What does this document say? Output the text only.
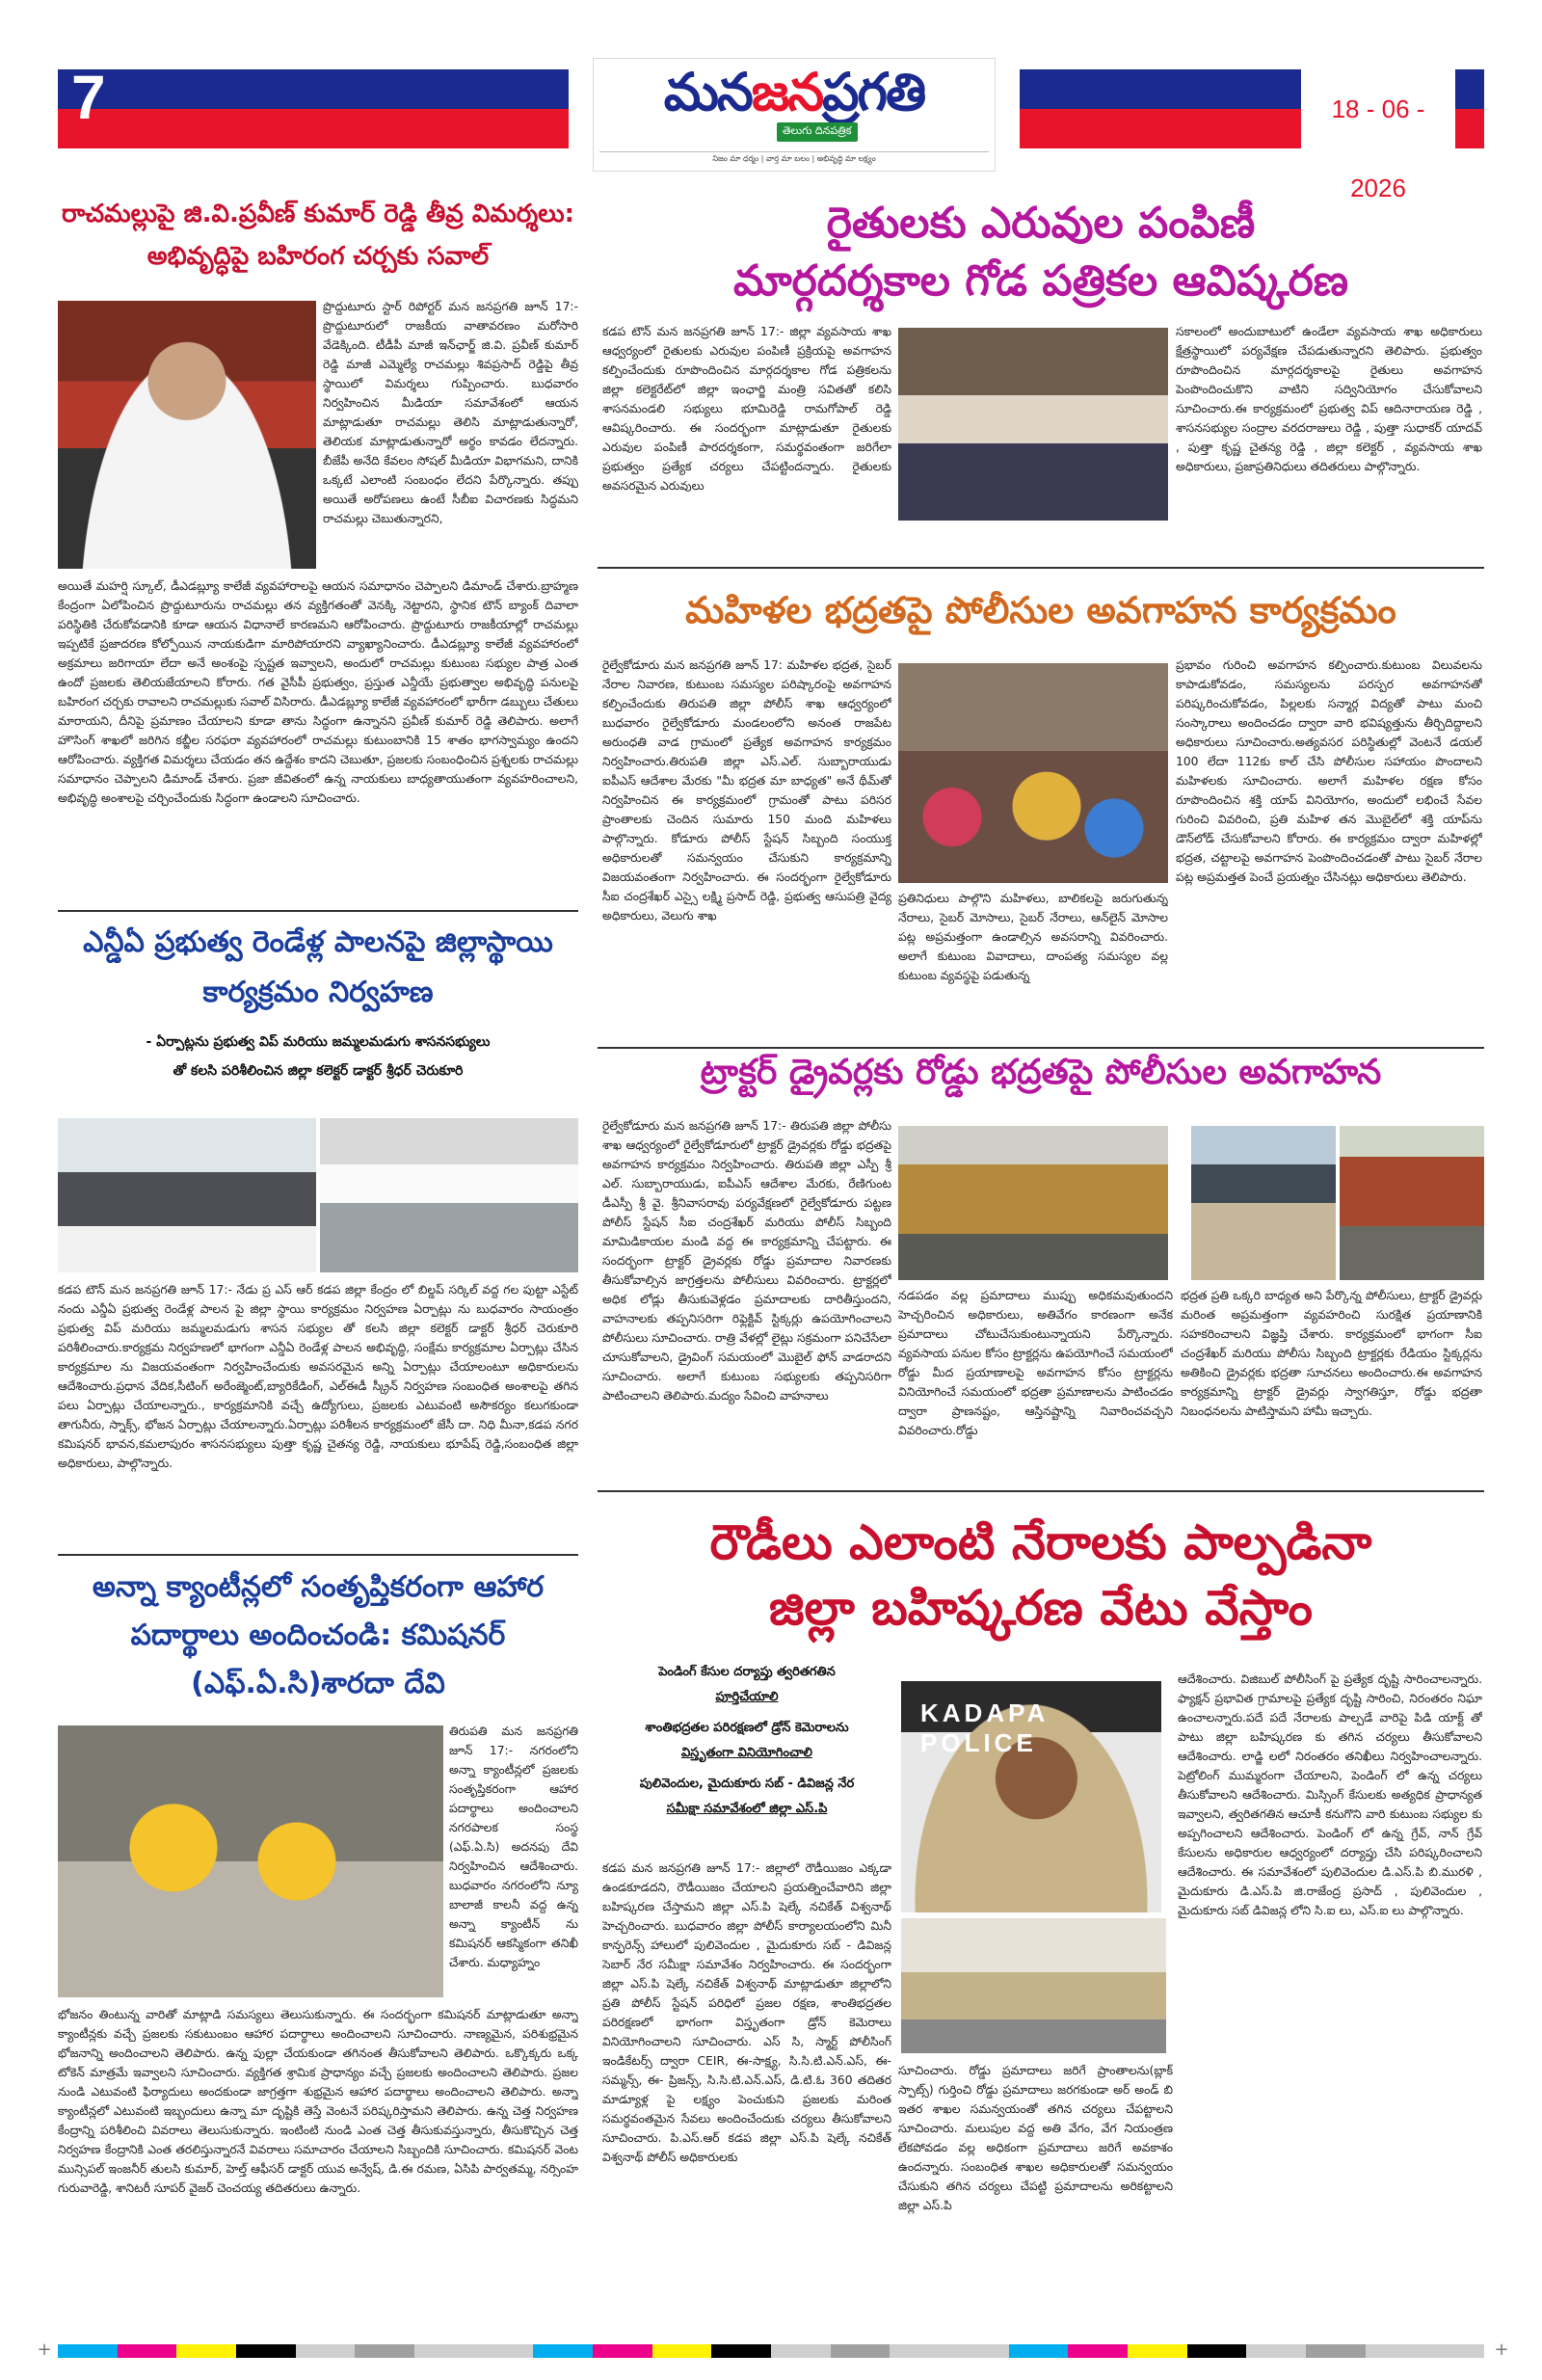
7	మనజనప్రగతి
తెలుగు దినపత్రిక
నిజం మా ధర్మం | వార్త మా బలం | అభివృద్ధి మా లక్ష్యం
18 - 06 - 2026
రాచమల్లుపై జి.వి.ప్రవీణ్ కుమార్ రెడ్డి తీవ్ర విమర్శలు: అభివృద్ధిపై బహిరంగ చర్చకు సవాల్
ప్రొద్దుటూరు స్టార్ రిపోర్టర్ మన జనప్రగతి జూన్ 17:-ప్రొద్దుటూరులో రాజకీయ వాతావరణం మరోసారి వేడెక్కింది. టీడీపీ మాజీ ఇన్‌ఛార్జ్ జి.వి. ప్రవీణ్ కుమార్ రెడ్డి మాజీ ఎమ్మెల్యే రాచమల్లు శివప్రసాద్ రెడ్డిపై తీవ్ర స్థాయిలో విమర్శలు గుప్పించారు. బుధవారం నిర్వహించిన మీడియా సమావేశంలో ఆయన మాట్లాడుతూ రాచమల్లు తెలిసి మాట్లాడుతున్నారో, తెలియక మాట్లాడుతున్నారో అర్థం కావడం లేదన్నారు. బీజేపీ అనేది కేవలం సోషల్ మీడియా విభాగమని, దానికి ఒక్కటే ఎలాంటి సంబంధం లేదని పేర్కొన్నారు. తప్పు అయితే అరోపణలు ఉంటే సీబీఐ విచారణకు సిద్ధమని రాచమల్లు చెబుతున్నారని,
అయితే మహర్షి స్కూల్, డీఎడబ్ల్యూ కాలేజీ వ్యవహారాలపై ఆయన సమాధానం చెప్పాలని డిమాండ్ చేశారు.బ్రాహ్మణ కేంద్రంగా ఏలోపించిన ప్రొద్దుటూరును రాచమల్లు తన వ్యక్తిగతంతో వెనక్కి నెట్టారని, స్థానిక టౌన్ బ్యాంక్ దివాలా పరిస్థితికి చేరుకోవడానికి కూడా ఆయన విధానాలే కారణమని ఆరోపించారు. ప్రొద్దుటూరు రాజకీయాల్లో రాచమల్లు ఇప్పటికే ప్రజాదరణ కోల్పోయిన నాయకుడిగా మారిపోయారని వ్యాఖ్యానించారు. డీఎడబ్ల్యూ కాలేజీ వ్యవహారంలో అక్రమాలు జరిగాయా లేదా అనే అంశంపై స్పష్టత ఇవ్వాలని, అందులో రాచమల్లు కుటుంబ సభ్యుల పాత్ర ఎంత ఉందో ప్రజలకు తెలియజేయాలని కోరారు. గత వైసీపీ ప్రభుత్వం, ప్రస్తుత ఎన్డీయే ప్రభుత్వాల అభివృద్ధి పనులపై బహిరంగ చర్చకు రావాలని రాచమల్లుకు సవాల్ విసిరారు. డీఎడబ్ల్యూ కాలేజీ వ్యవహారంలో భారీగా డబ్బులు చేతులు మారాయని, దీనిపై ప్రమాణం చేయాలని కూడా తాను సిద్ధంగా ఉన్నానని ప్రవీణ్ కుమార్ రెడ్డి తెలిపారు. అలాగే హౌసింగ్ శాఖలో జరిగిన కబ్జీల సరఫరా వ్యవహారంలో రాచమల్లు కుటుంబానికి 15 శాతం భాగస్వామ్యం ఉందని ఆరోపించారు. వ్యక్తిగత విమర్శలు చేయడం తన ఉద్దేశం కాదని చెబుతూ, ప్రజలకు సంబంధించిన ప్రశ్నలకు రాచమల్లు సమాధానం చెప్పాలని డిమాండ్ చేశారు. ప్రజా జీవితంలో ఉన్న నాయకులు బాధ్యతాయుతంగా వ్యవహరించాలని, అభివృద్ధి అంశాలపై చర్చించేందుకు సిద్ధంగా ఉండాలని సూచించారు.
ఎన్డీఏ ప్రభుత్వ రెండేళ్ల పాలనపై జిల్లాస్థాయి కార్యక్రమం నిర్వహణ
- ఏర్పాట్లను ప్రభుత్వ విప్ మరియు జమ్మలమడుగు శాసనసభ్యులు
తో కలసి పరిశీలించిన జిల్లా కలెక్టర్ డాక్టర్ శ్రీధర్ చెరుకూరి
కడప టౌన్ మన జనప్రగతి జూన్ 17:- నేడు ప్ర ఎస్ ఆర్ కడప జిల్లా కేంద్రం లో బిల్డప్ సర్కిల్ వద్ద గల పుట్టా ఎస్టేట్ నందు ఎన్డీఏ ప్రభుత్వ రెండేళ్ల పాలన పై జిల్లా స్థాయి కార్యక్రమం నిర్వహణ ఏర్పాట్లు ను బుధవారం సాయంత్రం ప్రభుత్వ విప్ మరియు జమ్మలమడుగు శాసన సభ్యుల తో కలసి జిల్లా కలెక్టర్ డాక్టర్ శ్రీధర్ చెరుకూరి పరిశీలించారు.కార్యక్రమ నిర్వహణలో భాగంగా ఎన్డీఏ రెండేళ్ల పాలన అభివృద్ధి, సంక్షేమ కార్యక్రమాల ఏర్పాట్లు చేసిన కార్యక్రమాల ను విజయవంతంగా నిర్వహించేందుకు అవసరమైన అన్ని ఏర్పాట్లు చేయాలంటూ అధికారులను ఆదేశించారు.ప్రధాన వేదిక,సీటింగ్ అరేంజ్మెంట్,బ్యారికేడింగ్, ఎల్‌ఈడీ స్క్రీన్ నిర్వహణ సంబంధిత అంశాలపై తగిన పలు ఏర్పాట్లు చేయాలన్నారు., కార్యక్రమానికి వచ్చే ఉద్యోగులు, ప్రజలకు ఎటువంటి అసౌకర్యం కలుగకుండా తాగునీరు, స్నాక్స్, భోజన ఏర్పాట్లు చేయాలన్నారు.ఏర్పాట్లు పరిశీలన కార్యక్రమంలో జేసీ దా. నిధి మీనా,కడప నగర కమిషనర్ భావన,కమలాపురం శాసనసభ్యులు పుత్తా కృష్ణ చైతన్య రెడ్డి, నాయకులు భూపేష్ రెడ్డి,సంబంధిత జిల్లా అధికారులు, పాల్గొన్నారు.
అన్నా క్యాంటీన్లలో సంతృప్తికరంగా ఆహార పదార్థాలు అందించండి: కమిషనర్ (ఎఫ్.ఏ.సి)శారదా దేవి
తిరుపతి మన జనప్రగతి జూన్ 17:- నగరంలోని అన్నా క్యాంటీన్లలో ప్రజలకు సంతృప్తికరంగా ఆహార పదార్థాలు అందించాలని నగరపాలక సంస్థ (ఎఫ్.ఏ.సి) అదనపు దేవి నిర్వహించిన ఆదేశించారు. బుధవారం నగరంలోని న్యూ బాలాజీ కాలనీ వద్ద ఉన్న అన్నా క్యాంటీన్ ను కమిషనర్ ఆకస్మికంగా తనిఖీ చేశారు. మధ్యాహ్నం
భోజనం తింటున్న వారితో మాట్లాడి సమస్యలు తెలుసుకున్నారు. ఈ సందర్భంగా కమిషనర్ మాట్లాడుతూ అన్నా క్యాంటీన్లకు వచ్చే ప్రజలకు సకుటుంబం ఆహార పదార్థాలు అందించాలని సూచించారు. నాణ్యమైన, పరిశుభ్రమైన భోజనాన్ని అందించాలని తెలిపారు. ఉన్న పుల్లా చేయకుండా తగినంత తీసుకోవాలని తెలిపారు. ఒక్కొక్కరు ఒక్క టోకెన్ మాత్రమే ఇవ్వాలని సూచించారు. వ్యక్తిగత శ్రామిక ప్రాధాన్యం వచ్చే ప్రజలకు అందించాలని తెలిపారు. ప్రజల నుండి ఎటువంటి ఫిర్యాదులు అందకుండా జాగ్రత్తగా శుభ్రమైన ఆహార పదార్థాలు అందించాలని తెలిపారు. అన్నా క్యాంటీన్లలో ఎటువంటి ఇబ్బందులు ఉన్నా మా దృష్టికి తెస్తే వెంటనే పరిష్కరిస్తామని తెలిపారు. ఉన్న చెత్త నిర్వహణ కేంద్రాన్ని పరిశీలించి వివరాలు తెలుసుకున్నారు. ఇంటింటి నుండి ఎంత చెత్త తీసుకువస్తున్నారు, తీసుకొచ్చిన చెత్త నిర్వహణ కేంద్రానికి ఎంత తరలిస్తున్నారనే వివరాలు సమాచారం చేయాలని సిబ్బందికి సూచించారు. కమిషనర్ వెంట మున్సిపల్ ఇంజనీర్ తులసి కుమార్, హెల్త్ ఆఫీసర్ డాక్టర్ యువ అన్వేష్, డి.ఈ రమణ, ఏసిపి పార్వతమ్మ, నర్సింహ గురువారెడ్డి, శానిటరీ సూపర్ వైజర్ చెంచయ్య తదితరులు ఉన్నారు.
రైతులకు ఎరువుల పంపిణీ
మార్గదర్శకాల గోడ పత్రికల ఆవిష్కరణ
కడప టౌన్ మన జనప్రగతి జూన్ 17:- జిల్లా వ్యవసాయ శాఖ ఆధ్వర్యంలో రైతులకు ఎరువుల పంపిణీ ప్రక్రియపై అవగాహన కల్పించేందుకు రూపొందించిన మార్గదర్శకాల గోడ పత్రికలను జిల్లా కలెక్టరేట్‌లో జిల్లా ఇంఛార్జి మంత్రి సవితతో కలిసి శాసనమండలి సభ్యులు భూమిరెడ్డి రామగోపాల్ రెడ్డి ఆవిష్కరించారు. ఈ సందర్భంగా మాట్లాడుతూ రైతులకు ఎరువుల పంపిణీ పారదర్శకంగా, సమర్థవంతంగా జరిగేలా ప్రభుత్వం ప్రత్యేక చర్యలు చేపట్టిందన్నారు. రైతులకు అవసరమైన ఎరువులు
సకాలంలో అందుబాటులో ఉండేలా వ్యవసాయ శాఖ అధికారులు క్షేత్రస్థాయిలో పర్యవేక్షణ చేపడుతున్నారని తెలిపారు. ప్రభుత్వం రూపొందించిన మార్గదర్శకాలపై రైతులు అవగాహన పెంపొందించుకొని వాటిని సద్వినియోగం చేసుకోవాలని సూచించారు.ఈ కార్యక్రమంలో ప్రభుత్వ విప్ ఆదినారాయణ రెడ్డి , శాసనసభ్యుల సంద్రాల వరదరాజులు రెడ్డి , పుత్తా సుధాకర్ యాదవ్ , పుత్తా కృష్ణ చైతన్య రెడ్డి , జిల్లా కలెక్టర్ , వ్యవసాయ శాఖ అధికారులు, ప్రజాప్రతినిధులు తదితరులు పాల్గొన్నారు.
మహిళల భద్రతపై పోలీసుల అవగాహన కార్యక్రమం
రైల్వేకోడూరు మన జనప్రగతి జూన్ 17: మహిళల భద్రత, సైబర్ నేరాల నివారణ, కుటుంబ సమస్యల పరిష్కారంపై అవగాహన కల్పించేందుకు తిరుపతి జిల్లా పోలీస్ శాఖ ఆధ్వర్యంలో బుధవారం రైల్వేకోడూరు మండలంలోని అనంత రాజపేట అరుంధతి వాడ గ్రామంలో ప్రత్యేక అవగాహన కార్యక్రమం నిర్వహించారు.తిరుపతి జిల్లా ఎస్.ఎల్. సుబ్బారాయుడు ఐపీఎస్ ఆదేశాల మేరకు "మీ భద్రత మా బాధ్యత" అనే థీమ్‌తో నిర్వహించిన ఈ కార్యక్రమంలో గ్రామంతో పాటు పరిసర ప్రాంతాలకు చెందిన సుమారు 150 మంది మహిళలు పాల్గొన్నారు. కోడూరు పోలీస్ స్టేషన్ సిబ్బంది సంయుక్త అధికారులతో సమన్వయం చేసుకుని కార్యక్రమాన్ని విజయవంతంగా నిర్వహించారు. ఈ సందర్భంగా రైల్వేకోడూరు సీఐ చంద్రశేఖర్ ఎస్సై లక్ష్మి ప్రసాద్ రెడ్డి, ప్రభుత్వ ఆసుపత్రి వైద్య అధికారులు, వెలుగు శాఖ
ప్రతినిధులు పాల్గొని మహిళలు, బాలికలపై జరుగుతున్న నేరాలు, సైబర్ మోసాలు, సైబర్ నేరాలు, ఆన్‌లైన్ మోసాల పట్ల అప్రమత్తంగా ఉండాల్సిన అవసరాన్ని వివరించారు. అలాగే కుటుంబ వివాదాలు, దాంపత్య సమస్యల వల్ల కుటుంబ వ్యవస్థపై పడుతున్న
ప్రభావం గురించి అవగాహన కల్పించారు.కుటుంబ విలువలను కాపాడుకోవడం, సమస్యలను పరస్పర అవగాహనతో పరిష్కరించుకోవడం, పిల్లలకు సన్మార్గ విద్యతో పాటు మంచి సంస్కారాలు అందించడం ద్వారా వారి భవిష్యత్తును తీర్చిదిద్దాలని అధికారులు సూచించారు.అత్యవసర పరిస్థితుల్లో వెంటనే డయల్ 100 లేదా 112కు కాల్ చేసి పోలీసుల సహాయం పొందాలని మహిళలకు సూచించారు. అలాగే మహిళల రక్షణ కోసం రూపొందించిన శక్తి యాప్ వినియోగం, అందులో లభించే సేవల గురించి వివరించి, ప్రతి మహిళ తన మొబైల్‌లో శక్తి యాప్‌ను డౌన్‌లోడ్ చేసుకోవాలని కోరారు. ఈ కార్యక్రమం ద్వారా మహిళల్లో భద్రత, చట్టాలపై అవగాహన పెంపొందించడంతో పాటు సైబర్ నేరాల పట్ల అప్రమత్తత పెంచే ప్రయత్నం చేసినట్లు అధికారులు తెలిపారు.
ట్రాక్టర్ డ్రైవర్లకు రోడ్డు భద్రతపై పోలీసుల అవగాహన
రైల్వేకోడూరు మన జనప్రగతి జూన్ 17:- తిరుపతి జిల్లా పోలీసు శాఖ ఆధ్వర్యంలో రైల్వేకోడూరులో ట్రాక్టర్ డ్రైవర్లకు రోడ్డు భద్రతపై అవగాహన కార్యక్రమం నిర్వహించారు. తిరుపతి జిల్లా ఎస్పీ శ్రీ ఎల్. సుబ్బారాయుడు, ఐపీఎస్ ఆదేశాల మేరకు, రేణిగుంట డీఎస్పీ శ్రీ వై. శ్రీనివాసరావు పర్యవేక్షణలో రైల్వేకోడూరు పట్టణ పోలీస్ స్టేషన్ సీఐ చంద్రశేఖర్ మరియు పోలీస్ సిబ్బంది మామిడికాయల మండి వద్ద ఈ కార్యక్రమాన్ని చేపట్టారు. ఈ సందర్భంగా ట్రాక్టర్ డ్రైవర్లకు రోడ్డు ప్రమాదాల నివారణకు తీసుకోవాల్సిన జాగ్రత్తలను పోలీసులు వివరించారు. ట్రాక్టర్లలో అధిక లోడ్లు తీసుకువెళ్లడం ప్రమాదాలకు దారితీస్తుందని, వాహనాలకు తప్పనిసరిగా రిఫ్లెక్టివ్ స్టిక్కర్లు ఉపయోగించాలని పోలీసులు సూచించారు. రాత్రి వేళల్లో లైట్లు సక్రమంగా పనిచేసేలా చూసుకోవాలని, డ్రైవింగ్ సమయంలో మొబైల్ ఫోన్ వాడరాదని సూచించారు. అలాగే కుటుంబ సభ్యులకు తప్పనిసరిగా పాటించాలని తెలిపారు.మద్యం సేవించి వాహనాలు
నడపడం వల్ల ప్రమాదాలు ముప్పు అధికమవుతుందని హెచ్చరించిన అధికారులు, అతివేగం కారణంగా అనేక ప్రమాదాలు చోటుచేసుకుంటున్నాయని పేర్కొన్నారు. వ్యవసాయ పనుల కోసం ట్రాక్టర్లను ఉపయోగించే సమయంలో రోడ్డు మీద ప్రయాణాలపై అవగాహన కోసం ట్రాక్టర్లను వినియోగించే సమయంలో భద్రతా ప్రమాణాలను పాటించడం ద్వారా ప్రాణనష్టం, ఆస్తినష్టాన్ని నివారించవచ్చని వివరించారు.రోడ్డు
భద్రత ప్రతి ఒక్కరి బాధ్యత అని పేర్కొన్న పోలీసులు, ట్రాక్టర్ డ్రైవర్లు మరింత అప్రమత్తంగా వ్యవహరించి సురక్షిత ప్రయాణానికి సహకరించాలని విజ్ఞప్తి చేశారు. కార్యక్రమంలో భాగంగా సీఐ చంద్రశేఖర్ మరియు పోలీసు సిబ్బంది ట్రాక్టర్లకు రేడియం స్టిక్కర్లను అతికించి డ్రైవర్లకు భద్రతా సూచనలు అందించారు.ఈ అవగాహన కార్యక్రమాన్ని ట్రాక్టర్ డ్రైవర్లు స్వాగతిస్తూ, రోడ్డు భద్రతా నిబంధనలను పాటిస్తామని హామీ ఇచ్చారు.
రౌడీలు ఎలాంటి నేరాలకు పాల్పడినా
జిల్లా బహిష్కరణ వేటు వేస్తాం
పెండింగ్ కేసుల దర్యాప్తు త్వరితగతిన
పూర్తిచేయాలి
శాంతిభద్రతల పరిరక్షణలో డ్రోన్ కెమెరాలను
విస్తృతంగా వినియోగించాలి
పులివెందుల, మైదుకూరు సబ్ - డివిజన్ల నేర
సమీక్షా సమావేశంలో జిల్లా ఎస్.పి
కడప మన జనప్రగతి జూన్ 17:- జిల్లాలో రౌడీయిజం ఎక్కడా ఉండకూడదని, రౌడీయిజం చేయాలని ప్రయత్నించేవారిని జిల్లా బహిష్కరణ చేస్తామని జిల్లా ఎస్.పి షెల్కే నచికేత్ విశ్వనాథ్ హెచ్చరించారు. బుధవారం జిల్లా పోలీస్ కార్యాలయంలోని మినీ కాన్ఫరెన్స్ హాలులో పులివెందుల , మైదుకూరు సబ్ - డివిజన్ల సెబార్ నేర సమీక్షా సమావేశం నిర్వహించారు. ఈ సందర్భంగా జిల్లా ఎస్.పి షెల్కే నచికేత్ విశ్వనాథ్ మాట్లాడుతూ జిల్లాలోని ప్రతి పోలీస్ స్టేషన్ పరిధిలో ప్రజల రక్షణ, శాంతిభద్రతల పరిరక్షణలో భాగంగా విస్తృతంగా డ్రోన్ కెమెరాలు వినియోగించాలని సూచించారు. ఎస్ సి, స్మార్ట్ పోలీసింగ్ ఇండికేటర్స్ ద్వారా CEIR, ఈ-సాక్ష్య, సి.సి.టి.ఎన్.ఎస్, ఈ- సమ్మన్స్, ఈ- ప్రిజన్స్, సి.సి.టి.ఎన్.ఎస్, డి.టి.ఓ 360 తదితర మాడ్యూళ్ల పై లక్ష్యం పెంచుకుని ప్రజలకు మరింత సమర్థవంతమైన సేవలు అందించేందుకు చర్యలు తీసుకోవాలని సూచించారు. పి.ఎస్.ఆర్ కడప జిల్లా ఎస్.పి షెల్కే నచికేత్ విశ్వనాథ్ పోలీస్ అధికారులకు
KADAPA POLICE
సూచించారు. రోడ్డు ప్రమాదాలు జరిగే ప్రాంతాలను(బ్లాక్ స్పాట్స్) గుర్తించి రోడ్డు ప్రమాదాలు జరగకుండా అర్ అండ్ బి ఇతర శాఖల సమన్వయంతో తగిన చర్యలు చేపట్టాలని సూచించారు. మలుపుల వద్ద అతి వేగం, వేగ నియంత్రణ లేకపోవడం వల్ల అధికంగా ప్రమాదాలు జరిగే అవకాశం ఉందన్నారు. సంబంధిత శాఖల అధికారులతో సమన్వయం చేసుకుని తగిన చర్యలు చేపట్టి ప్రమాదాలను అరికట్టాలని జిల్లా ఎస్.పి
ఆదేశించారు. విజిబుల్ పోలీసింగ్ పై ప్రత్యేక దృష్టి సారించాలన్నారు. ఫ్యాక్షన్ ప్రభావిత గ్రామాలపై ప్రత్యేక దృష్టి సారించి, నిరంతరం నిఘా ఉంచాలన్నారు.పదే పదే నేరాలకు పాల్పడే వారిపై పిడి యాక్ట్ తో పాటు జిల్లా బహిష్కరణ కు తగిన చర్యలు తీసుకోవాలని ఆదేశించారు. లాడ్జి లలో నిరంతరం తనిఖీలు నిర్వహించాలన్నారు. పెట్రోలింగ్ ముమ్మరంగా చేయాలని, పెండింగ్ లో ఉన్న చర్యలు తీసుకోవాలని ఆదేశించారు. మిస్సింగ్ కేసులకు అత్యధిక ప్రాధాన్యత ఇవ్వాలని, త్వరితగతిన ఆచూకీ కనుగొని వారి కుటుంబ సభ్యుల కు అప్పగించాలని ఆదేశించారు. పెండింగ్ లో ఉన్న గ్రేవ్, నాన్ గ్రేవ్ కేసులను అధికారుల ఆధ్వర్యంలో దర్యాప్తు చేసి పరిష్కరించాలని ఆదేశించారు. ఈ సమావేశంలో పులివెందుల డి.ఎస్.పి బి.మురళి , మైదుకూరు డి.ఎస్.పి జి.రాజేంద్ర ప్రసాద్ , పులివెందుల , మైదుకూరు సబ్ డివిజన్ల లోని సి.ఐ లు, ఎస్.ఐ లు పాల్గొన్నారు.
+	+
